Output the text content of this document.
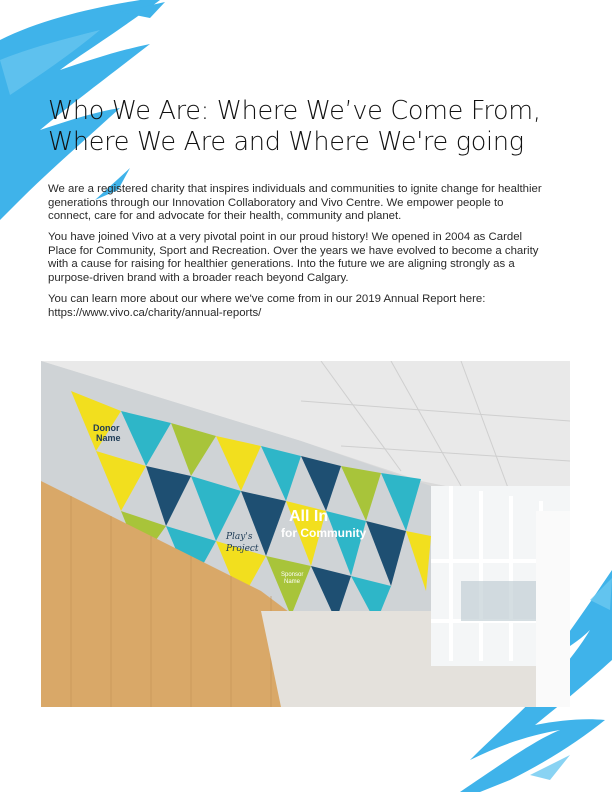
Who We Are: Where We’ve Come From,
Where We Are and Where We're going

We are a registered charity that inspires individuals and communities to ignite change for healthier generations through our Innovation Collaboratory and Vivo Centre. We empower people to connect, care for and advocate for their health, community and planet.

You have joined Vivo at a very pivotal point in our proud history! We opened in 2004 as Cardel Place for Community, Sport and Recreation. Over the years we have evolved to become a charity with a cause for raising for healthier generations. Into the future we are aligning strongly as a purpose-driven brand with a broader reach beyond Calgary.

You can learn more about our where we've come from in our 2019 Annual Report here: https://www.vivo.ca/charity/annual-reports/

All In
for Community
Donor
Name
Sponsor
Name
Play's
Project
